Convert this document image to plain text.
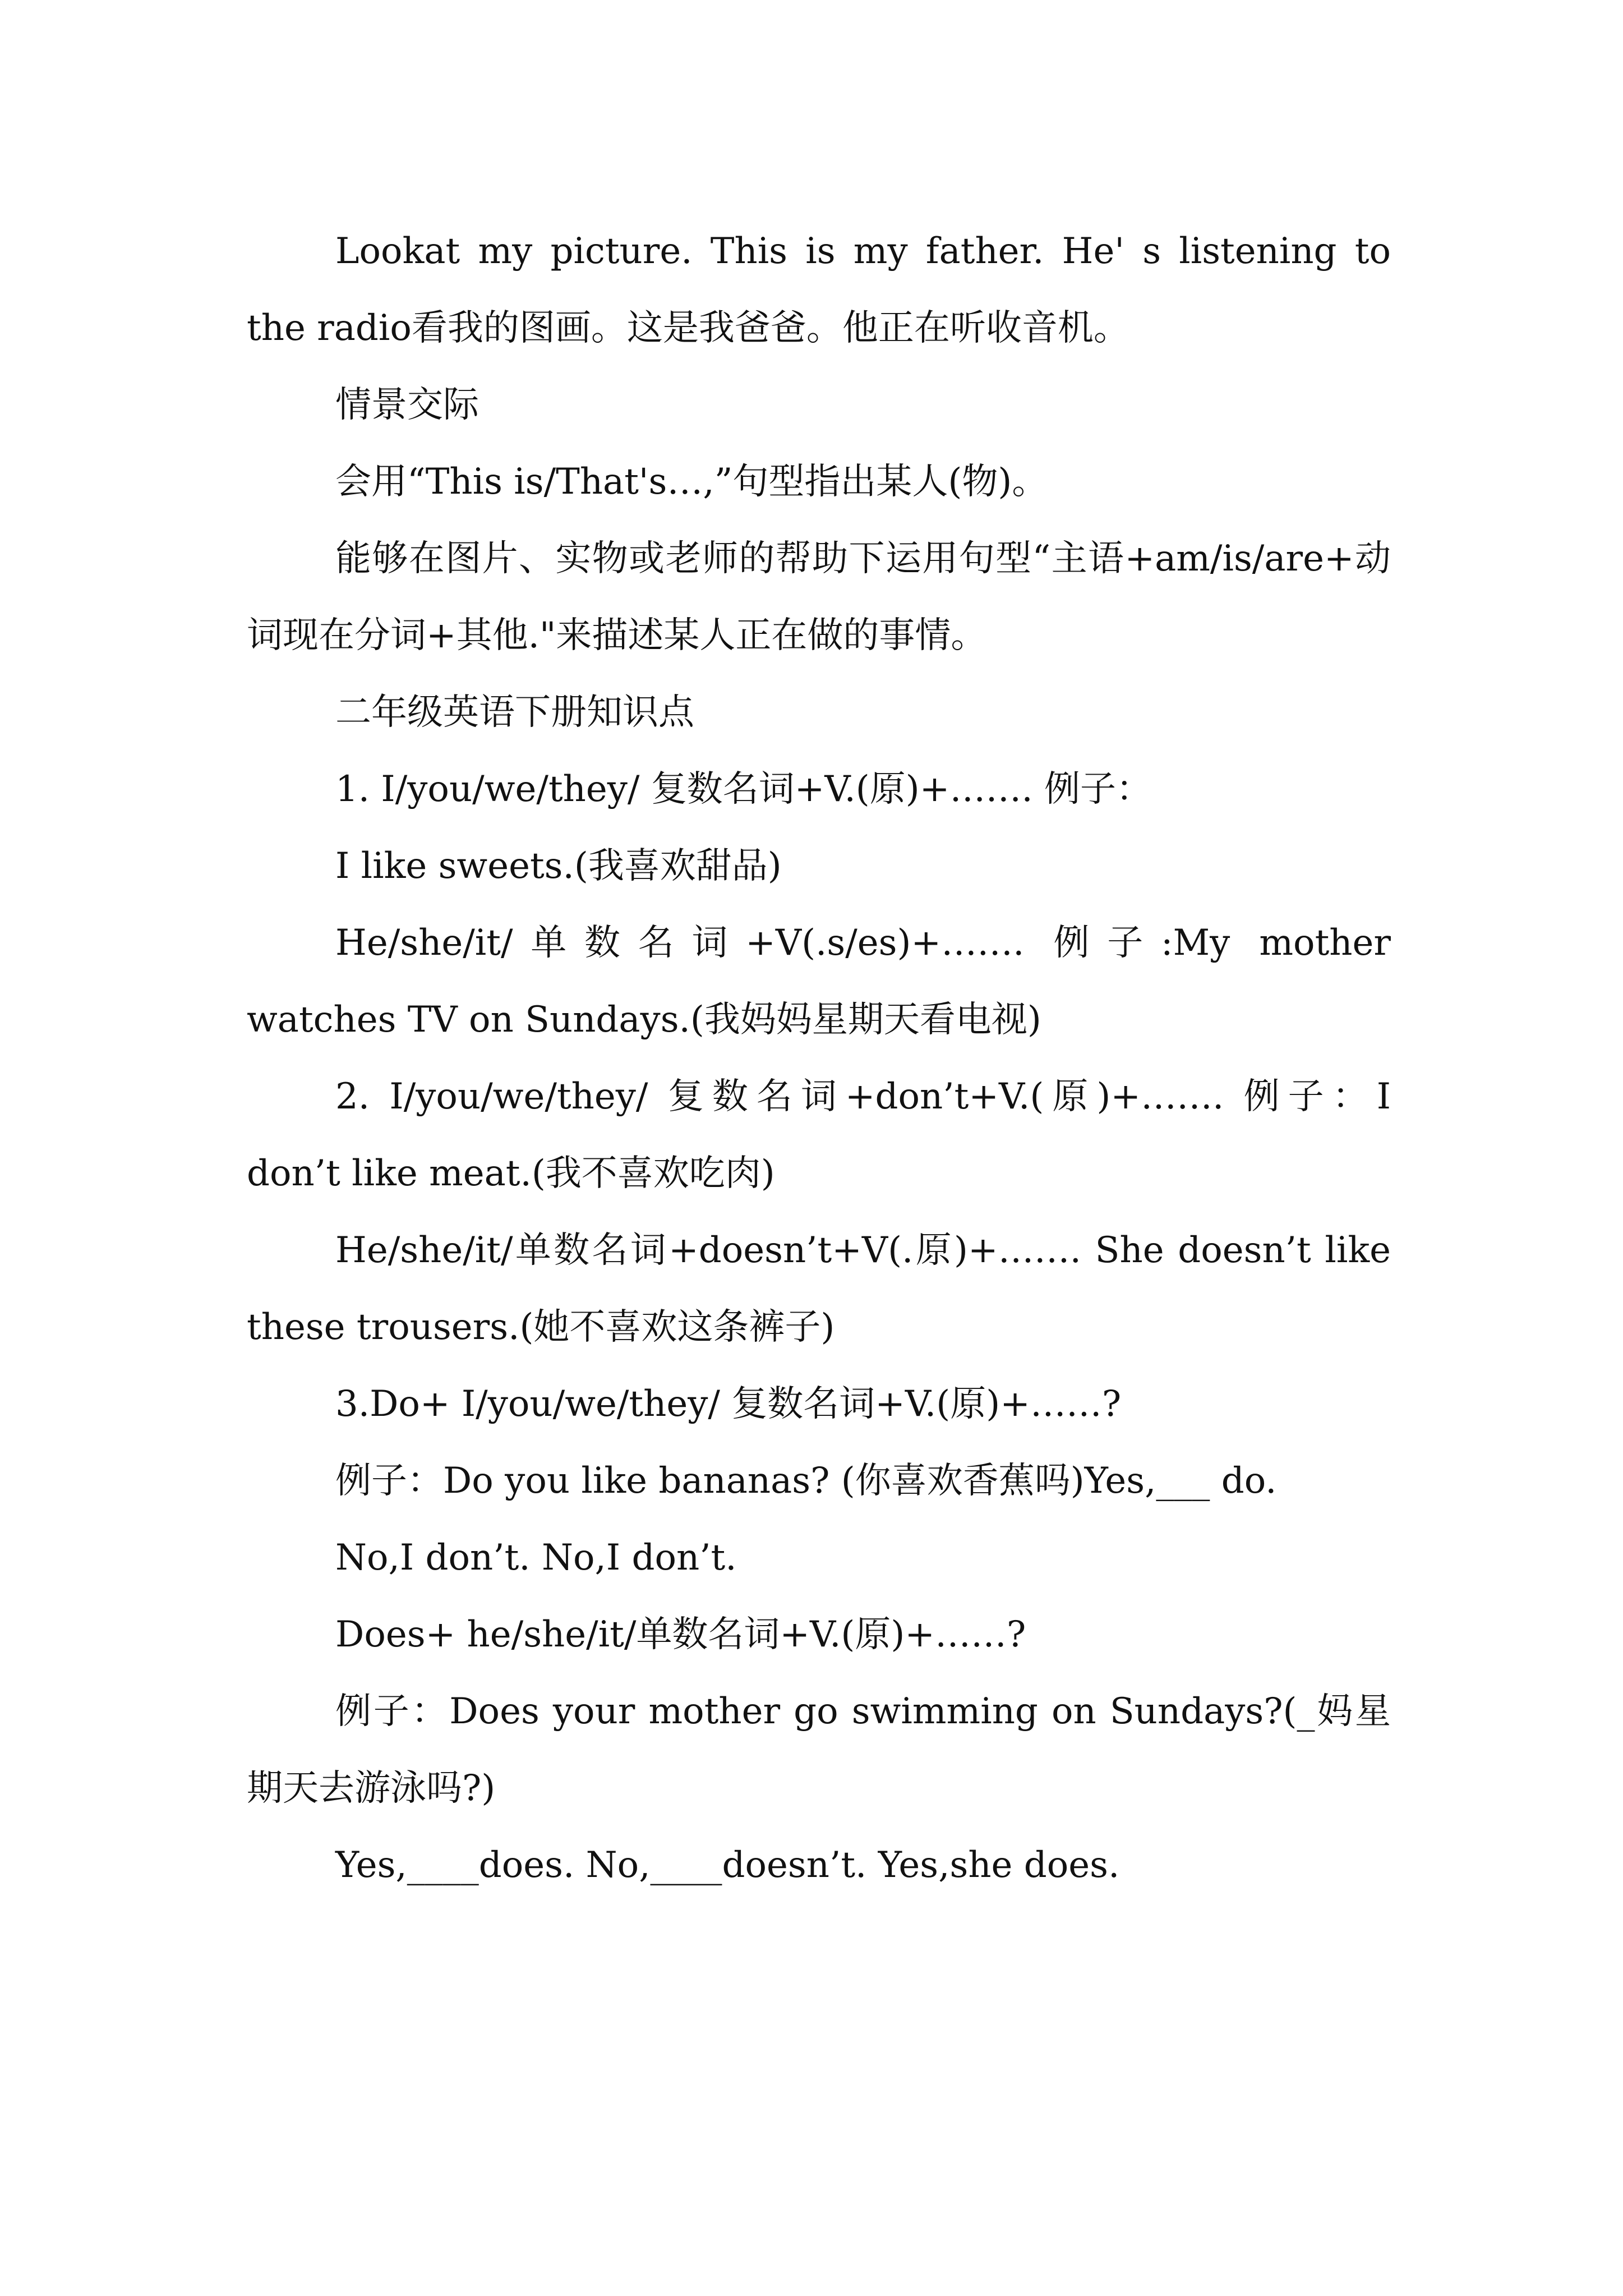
Lookat my picture. This is my father. He' s listening to the radio看我的图画。这是我爸爸。他正在听收音机。

情景交际

会用“This is/That's…,”句型指出某人(物)。

能够在图片、实物或老师的帮助下运用句型“主语+am/is/are+动词现在分词+其他."来描述某人正在做的事情。

二年级英语下册知识点

1. I/you/we/they/ 复数名词+V.(原)+……. 例子：

I like sweets.(我喜欢甜品)

He/she/it/单数名词+V(.s/es)+……. 例子:My mother watches TV on Sundays.(我妈妈星期天看电视)

2. I/you/we/they/ 复数名词+don’t+V.(原)+……. 例子：I don’t like meat.(我不喜欢吃肉)

He/she/it/单数名词+doesn’t+V(.原)+……. She doesn’t like these trousers.(她不喜欢这条裤子)

3.Do+ I/you/we/they/ 复数名词+V.(原)+……?

例子：Do you like bananas? (你喜欢香蕉吗)Yes,___ do.

No,I don’t. No,I don’t.

Does+ he/she/it/单数名词+V.(原)+……?

例子：Does your mother go swimming on Sundays?(_妈星期天去游泳吗?)

Yes,____does. No,____doesn’t. Yes,she does.
